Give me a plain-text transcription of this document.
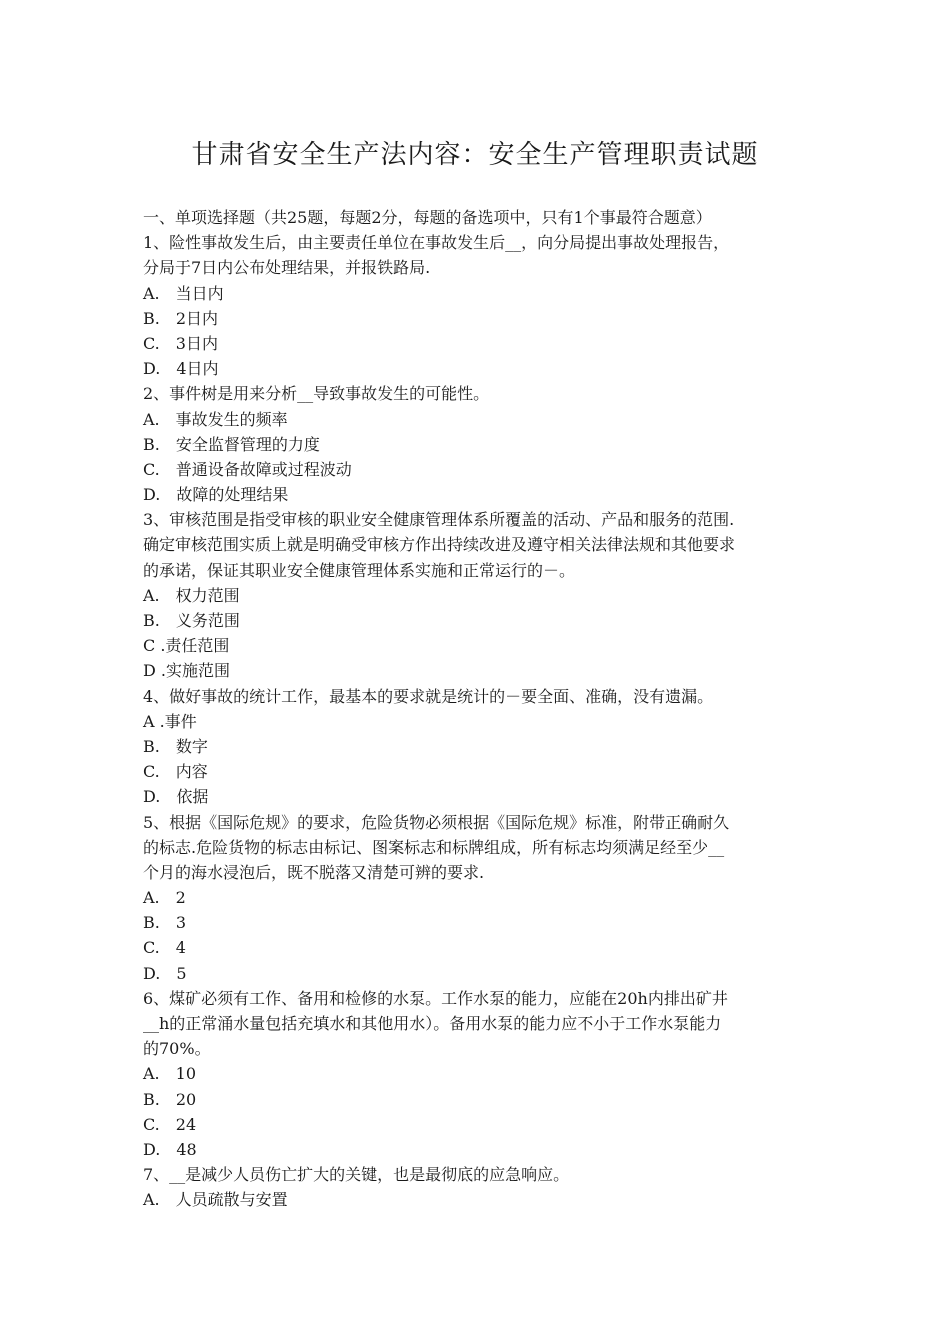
甘肃省安全生产法内容：安全生产管理职责试题
一、单项选择题（共25题，每题2分，每题的备选项中，只有1个事最符合题意）
1、险性事故发生后，由主要责任单位在事故发生后__，向分局提出事故处理报告，
分局于7日内公布处理结果，并报铁路局.
A.　当日内
B.　2日内
C.　3日内
D.　4日内
2、事件树是用来分析__导致事故发生的可能性。
A.　事故发生的频率
B.　安全监督管理的力度
C.　普通设备故障或过程波动
D.　故障的处理结果
3、审核范围是指受审核的职业安全健康管理体系所覆盖的活动、产品和服务的范围.
确定审核范围实质上就是明确受审核方作出持续改进及遵守相关法律法规和其他要求
的承诺，保证其职业安全健康管理体系实施和正常运行的－。
A.　权力范围
B.　义务范围
C .责任范围
D .实施范围
4、做好事故的统计工作，最基本的要求就是统计的－要全面、准确，没有遗漏。
A .事件
B.　数字
C.　内容
D.　依据
5、根据《国际危规》的要求，危险货物必须根据《国际危规》标准，附带正确耐久
的标志.危险货物的标志由标记、图案标志和标牌组成，所有标志均须满足经至少__
个月的海水浸泡后，既不脱落又清楚可辨的要求.
A.　2
B.　3
C.　4
D.　5
6、煤矿必须有工作、备用和检修的水泵。工作水泵的能力，应能在20h内排出矿井
__h的正常涌水量包括充填水和其他用水）。备用水泵的能力应不小于工作水泵能力
的70%。
A.　10
B.　20
C.　24
D.　48
7、__是减少人员伤亡扩大的关键，也是最彻底的应急响应。
A.　人员疏散与安置
